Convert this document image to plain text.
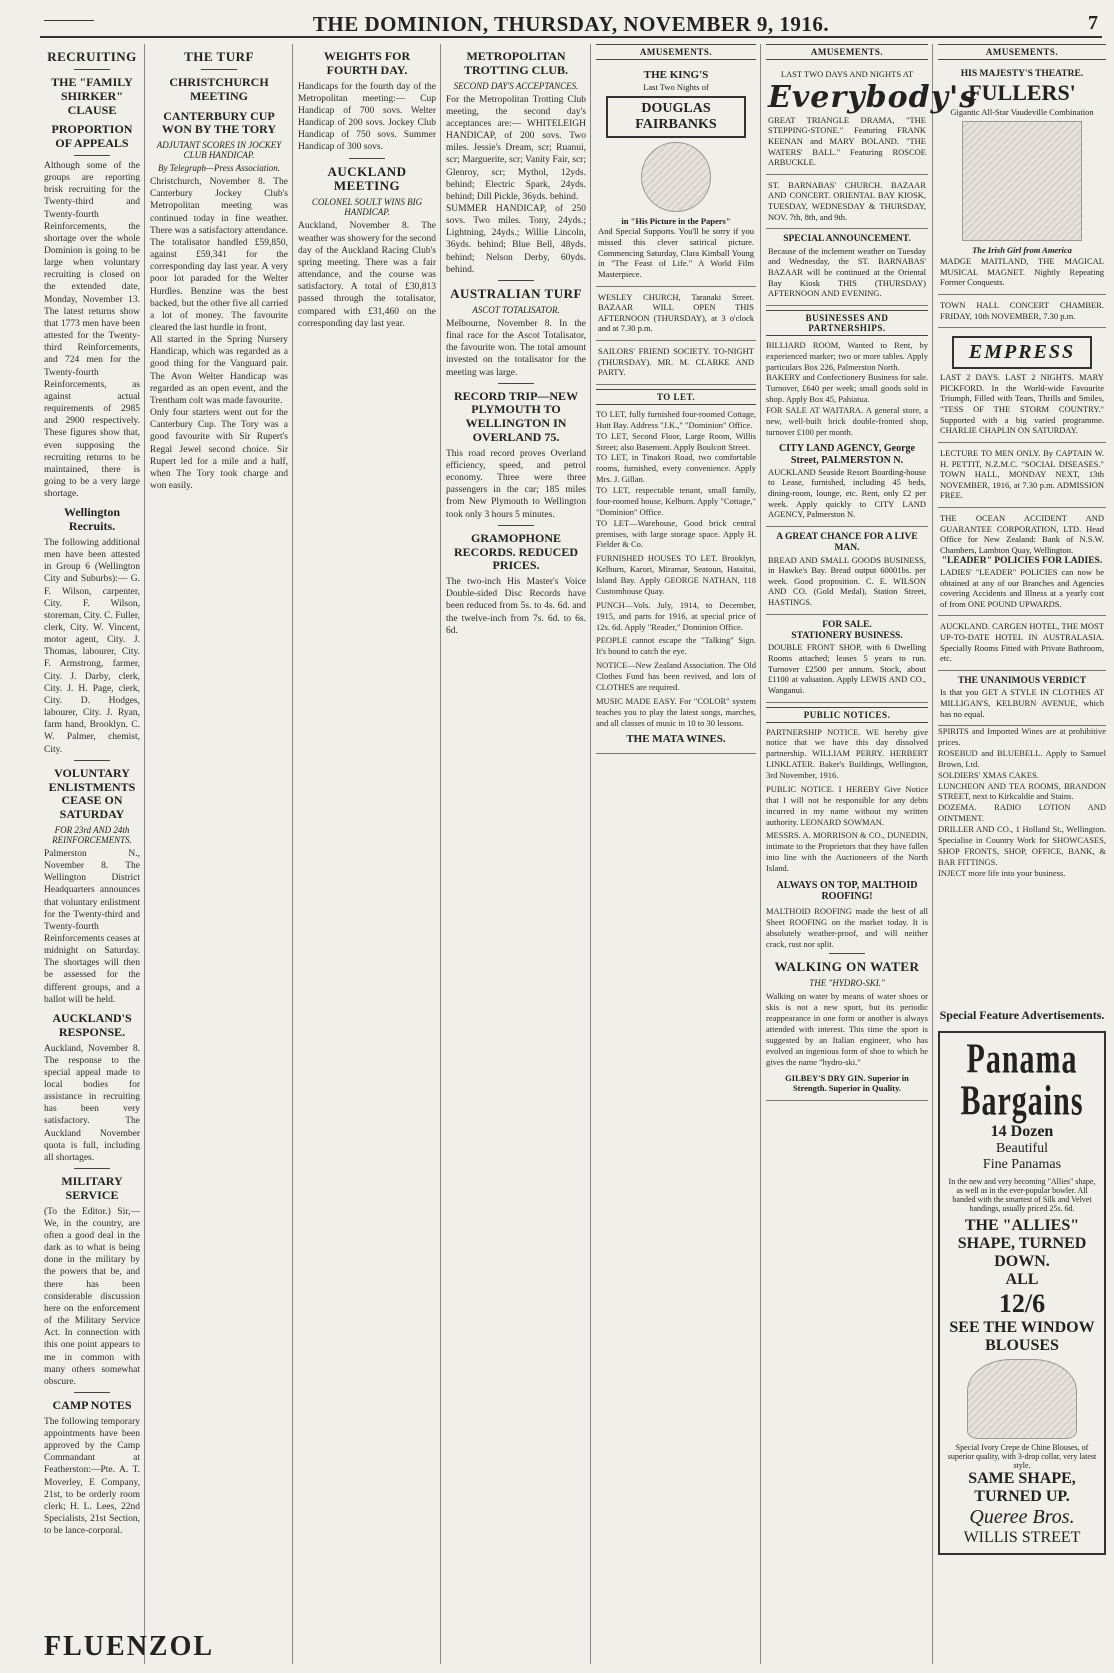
THE DOMINION, THURSDAY, NOVEMBER 9, 1916.	7
RECRUITING
THE "FAMILY SHIRKER" CLAUSE
PROPORTION OF APPEALS
Although some of the groups are reporting brisk recruiting for the Twenty-third and Twenty-fourth Reinforcements, the shortage over the whole Dominion is going to be large when voluntary recruiting is closed on the extended date, Monday, November 13. The latest returns show that 1773 men have been attested for the Twenty-third Reinforcements, and 724 men for the Twenty-fourth Reinforcements, as against actual requirements of 2985 and 2900 respectively. These figures show that, even supposing the recruiting returns to be maintained, there is going to be a very large shortage.
Wellington Recruits.
The following additional men have been attested in Group 6 (Wellington City and Suburbs):— G. F. Wilson, carpenter, City. F. Wilson, storeman, City. C. Fuller, clerk, City. W. Vincent, motor agent, City. J. Thomas, labourer, City. F. Armstrong, farmer, City. J. Darby, clerk, City. J. H. Page, clerk, City. D. Hodges, labourer, City. J. Ryan, farm hand, Brooklyn. C. W. Palmer, chemist, City.
VOLUNTARY ENLISTMENTS CEASE ON SATURDAY
FOR 23rd AND 24th REINFORCEMENTS.
Palmerston N., November 8. The Wellington District Headquarters announces that voluntary enlistment for the Twenty-third and Twenty-fourth Reinforcements ceases at midnight on Saturday. The shortages will then be assessed for the different groups, and a ballot will be held.
AUCKLAND'S RESPONSE.
Auckland, November 8. The response to the special appeal made to local bodies for assistance in recruiting has been very satisfactory. The Auckland November quota is full, including all shortages.
MILITARY SERVICE
(To the Editor.) Sir,—We, in the country, are often a good deal in the dark as to what is being done in the military by the powers that be, and there has been considerable discussion here on the enforcement of the Military Service Act. In connection with this one point appears to me in common with many others somewhat obscure.
CAMP NOTES
The following temporary appointments have been approved by the Camp Commandant at Featherston:—Pte. A. T. Moverley, E Company, 21st, to be orderly room clerk; H. L. Lees, 22nd Specialists, 21st Section, to be lance-corporal.
FLUENZOL
THE TURF
CHRISTCHURCH MEETING
CANTERBURY CUP WON BY THE TORY
ADJUTANT SCORES IN JOCKEY CLUB HANDICAP.
By Telegraph—Press Association.
Christchurch, November 8. The Canterbury Jockey Club's Metropolitan meeting was continued today in fine weather. There was a satisfactory attendance. The totalisator handled £59,850, against £59,341 for the corresponding day last year. A very poor lot paraded for the Welter Hurdles. Benzine was the best backed, but the other five all carried a lot of money. The favourite cleared the last hurdle in front.
All started in the Spring Nursery Handicap, which was regarded as a good thing for the Vanguard pair. The Avon Welter Handicap was regarded as an open event, and the Trentham colt was made favourite.
Only four starters went out for the Canterbury Cup. The Tory was a good favourite with Sir Rupert's Regal Jewel second choice. Sir Rupert led for a mile and a half, when The Tory took charge and won easily.
WEIGHTS FOR FOURTH DAY.
Handicaps for the fourth day of the Metropolitan meeting:— Cup Handicap of 700 sovs. Welter Handicap of 200 sovs. Jockey Club Handicap of 750 sovs. Summer Handicap of 300 sovs.
AUCKLAND MEETING
COLONEL SOULT WINS BIG HANDICAP.
Auckland, November 8. The weather was showery for the second day of the Auckland Racing Club's spring meeting. There was a fair attendance, and the course was satisfactory. A total of £30,813 passed through the totalisator, compared with £31,460 on the corresponding day last year.
METROPOLITAN TROTTING CLUB.
SECOND DAY'S ACCEPTANCES.
For the Metropolitan Trotting Club meeting, the second day's acceptances are:— WHITELEIGH HANDICAP, of 200 sovs. Two miles. Jessie's Dream, scr; Ruanui, scr; Marguerite, scr; Vanity Fair, scr; Glenroy, scr; Mythol, 12yds. behind; Electric Spark, 24yds. behind; Dill Pickle, 36yds. behind.
SUMMER HANDICAP, of 250 sovs. Two miles. Tony, 24yds.; Lightning, 24yds.; Willie Lincoln, 36yds. behind; Blue Bell, 48yds. behind; Nelson Derby, 60yds. behind.
AUSTRALIAN TURF
ASCOT TOTALISATOR.
Melbourne, November 8. In the final race for the Ascot Totalisator, the favourite won. The total amount invested on the totalisator for the meeting was large.
RECORD TRIP—NEW PLYMOUTH TO WELLINGTON IN OVERLAND 75.
This road record proves Overland efficiency, speed, and petrol economy. Three were three passengers in the car; 185 miles from New Plymouth to Wellington took only 3 hours 5 minutes.
GRAMOPHONE RECORDS. REDUCED PRICES.
The two-inch His Master's Voice Double-sided Disc Records have been reduced from 5s. to 4s. 6d. and the twelve-inch from 7s. 6d. to 6s. 6d.
AMUSEMENTS.
THE KING'S
Last Two Nights of
DOUGLAS FAIRBANKS
in "His Picture in the Papers"
And Special Supports. You'll be sorry if you missed this clever satirical picture. Commencing Saturday, Clara Kimball Young in "The Feast of Life." A World Film Masterpiece.
WESLEY CHURCH, Taranaki Street. BAZAAR WILL OPEN THIS AFTERNOON (THURSDAY), at 3 o'clock and at 7.30 p.m.
SAILORS' FRIEND SOCIETY. TO-NIGHT (THURSDAY). MR. M. CLARKE AND PARTY.
TO LET.
TO LET, fully furnished four-roomed Cottage, Hutt Bay. Address "J.K.," "Dominion" Office.
TO LET, Second Floor, Large Room, Willis Street; also Basement. Apply Boulcott Street.
TO LET, in Tinakori Road, two comfortable rooms, furnished, every convenience. Apply Mrs. J. Gillan.
TO LET, respectable tenant, small family, four-roomed house, Kelburn. Apply "Cottage," "Dominion" Office.
TO LET—Warehouse, Good brick central premises, with large storage space. Apply H. Fielder & Co.
FURNISHED HOUSES TO LET. Brooklyn, Kelburn, Karori, Miramar, Seatoun, Hataitai, Island Bay. Apply GEORGE NATHAN, 118 Customhouse Quay.
PUNCH—Vols. July, 1914, to December, 1915, and parts for 1916, at special price of 12s. 6d. Apply "Reader," Dominion Office.
PEOPLE cannot escape the "Talking" Sign. It's bound to catch the eye.
NOTICE—New Zealand Association. The Old Clothes Fund has been revived, and lots of CLOTHES are required.
MUSIC MADE EASY. For "COLOR" system teaches you to play the latest songs, marches, and all classes of music in 10 to 30 lessons.
THE MATA WINES.
AMUSEMENTS.
LAST TWO DAYS AND NIGHTS AT
Everybody's
GREAT TRIANGLE DRAMA, "THE STEPPING-STONE." Featuring FRANK KEENAN and MARY BOLAND. "THE WATERS' BALL." Featuring ROSCOE ARBUCKLE.
ST. BARNABAS' CHURCH. BAZAAR AND CONCERT. ORIENTAL BAY KIOSK, TUESDAY, WEDNESDAY & THURSDAY, NOV. 7th, 8th, and 9th.
SPECIAL ANNOUNCEMENT.
Because of the inclement weather on Tuesday and Wednesday, the ST. BARNABAS' BAZAAR will be continued at the Oriental Bay Kiosk THIS (THURSDAY) AFTERNOON AND EVENING.
BUSINESSES AND PARTNERSHIPS.
BILLIARD ROOM, Wanted to Rent, by experienced marker; two or more tables. Apply particulars Box 226, Palmerston North.
BAKERY and Confectionery Business for sale. Turnover, £640 per week; small goods sold in shop. Apply Box 45, Pahiatua.
FOR SALE AT WAITARA. A general store, a new, well-built brick double-fronted shop, turnover £100 per month.
CITY LAND AGENCY, George Street, PALMERSTON N.
AUCKLAND Seaside Resort Boarding-house to Lease, furnished, including 45 beds, dining-room, lounge, etc. Rent, only £2 per week. Apply quickly to CITY LAND AGENCY, Palmerston N.
A GREAT CHANCE FOR A LIVE MAN.
BREAD AND SMALL GOODS BUSINESS, in Hawke's Bay. Bread output 60001bs. per week. Good proposition. C. E. WILSON AND CO. (Gold Medal), Station Street, HASTINGS.
FOR SALE.
STATIONERY BUSINESS.
DOUBLE FRONT SHOP, with 6 Dwelling Rooms attached; leases 5 years to run. Turnover £2500 per annum. Stock, about £1100 at valuation. Apply LEWIS AND CO., Wanganui.
PUBLIC NOTICES.
PARTNERSHIP NOTICE. WE hereby give notice that we have this day dissolved partnership. WILLIAM PERRY. HERBERT LINKLATER. Baker's Buildings, Wellington, 3rd November, 1916.
PUBLIC NOTICE. I HEREBY Give Notice that I will not be responsible for any debts incurred in my name without my written authority. LEONARD SOWMAN.
MESSRS. A. MORRISON & CO., DUNEDIN, intimate to the Proprietors that they have fallen into line with the Auctioneers of the North Island.
ALWAYS ON TOP, MALTHOID ROOFING!
MALTHOID ROOFING made the best of all Sheet ROOFING on the market today. It is absolutely weather-proof, and will neither crack, rust nor split.
WALKING ON WATER
THE "HYDRO-SKI."
Walking on water by means of water shoes or skis is not a new sport, but its periodic reappearance in one form or another is always attended with interest. This time the sport is suggested by an Italian engineer, who has evolved an ingenious form of shoe to which he gives the name "hydro-ski."
GILBEY'S DRY GIN. Superior in Strength. Superior in Quality.
AMUSEMENTS.
HIS MAJESTY'S THEATRE.
FULLERS'
Gigantic All-Star Vaudeville Combination
The Irish Girl from America
MADGE MAITLAND, THE MAGICAL MUSICAL MAGNET. Nightly Repeating Former Conquests.
TOWN HALL CONCERT CHAMBER. FRIDAY, 10th NOVEMBER, 7.30 p.m.
EMPRESS
LAST 2 DAYS. LAST 2 NIGHTS. MARY PICKFORD. In the World-wide Favourite Triumph, Filled with Tears, Thrills and Smiles, "TESS OF THE STORM COUNTRY." Supported with a big varied programme. CHARLIE CHAPLIN ON SATURDAY.
LECTURE TO MEN ONLY. By CAPTAIN W. H. PETTIT, N.Z.M.C. "SOCIAL DISEASES." TOWN HALL, MONDAY NEXT, 13th NOVEMBER, 1916, at 7.30 p.m. ADMISSION FREE.
THE OCEAN ACCIDENT AND GUARANTEE CORPORATION, LTD. Head Office for New Zealand: Bank of N.S.W. Chambers, Lambton Quay, Wellington.
"LEADER" POLICIES FOR LADIES.
LADIES' "LEADER" POLICIES can now be obtained at any of our Branches and Agencies covering Accidents and Illness at a yearly cost of from ONE POUND UPWARDS.
AUCKLAND. CARGEN HOTEL, THE MOST UP-TO-DATE HOTEL IN AUSTRALASIA. Specially Rooms Fitted with Private Bathroom, etc.
THE UNANIMOUS VERDICT
Is that you GET A STYLE IN CLOTHES AT MILLIGAN'S, KELBURN AVENUE, which has no equal.
SPIRITS and Imported Wines are at prohibitive prices.
ROSEBUD and BLUEBELL. Apply to Samuel Brown, Ltd.
SOLDIERS' XMAS CAKES.
LUNCHEON AND TEA ROOMS, BRANDON STREET, next to Kirkcaldie and Stains.
DOZEMA. RADIO LOTION AND OINTMENT.
DRILLER AND CO., 1 Holland St., Wellington. Specialise in Country Work for SHOWCASES, SHOP FRONTS, SHOP, OFFICE, BANK, & BAR FITTINGS.
INJECT more life into your business.
Special Feature Advertisements.
Panama Bargains
14 Dozen
Beautiful
Fine Panamas
In the new and very becoming "Allies" shape, as well as in the ever-popular bowler. All banded with the smartest of Silk and Velvet bandings, usually priced 25s. 6d.
THE "ALLIES" SHAPE, TURNED DOWN.
ALL
12/6
SEE THE WINDOW BLOUSES
Special Ivory Crepe de Chine Blouses, of superior quality, with 3-drop collar, very latest style.
SAME SHAPE, TURNED UP.
Queree Bros.
WILLIS STREET
